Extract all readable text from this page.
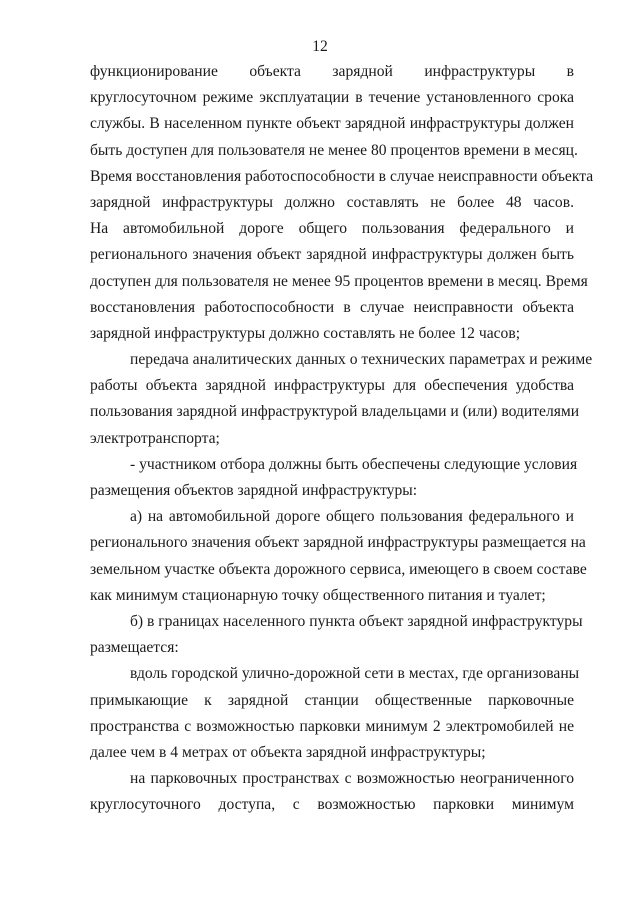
12
функционирование объекта зарядной инфраструктуры в
круглосуточном режиме эксплуатации в течение установленного срока
службы. В населенном пункте объект зарядной инфраструктуры должен
быть доступен для пользователя не менее 80 процентов времени в месяц.
Время восстановления работоспособности в случае неисправности объекта
зарядной инфраструктуры должно составлять не более 48 часов.
На автомобильной дороге общего пользования федерального и
регионального значения объект зарядной инфраструктуры должен быть
доступен для пользователя не менее 95 процентов времени в месяц. Время
восстановления работоспособности в случае неисправности объекта
зарядной инфраструктуры должно составлять не более 12 часов;
передача аналитических данных о технических параметрах и режиме
работы объекта зарядной инфраструктуры для обеспечения удобства
пользования зарядной инфраструктурой владельцами и (или) водителями
электротранспорта;
- участником отбора должны быть обеспечены следующие условия
размещения объектов зарядной инфраструктуры:
а) на автомобильной дороге общего пользования федерального и
регионального значения объект зарядной инфраструктуры размещается на
земельном участке объекта дорожного сервиса, имеющего в своем составе
как минимум стационарную точку общественного питания и туалет;
б) в границах населенного пункта объект зарядной инфраструктуры
размещается:
вдоль городской улично-дорожной сети в местах, где организованы
примыкающие к зарядной станции общественные парковочные
пространства с возможностью парковки минимум 2 электромобилей не
далее чем в 4 метрах от объекта зарядной инфраструктуры;
на парковочных пространствах с возможностью неограниченного
круглосуточного доступа, с возможностью парковки минимум
